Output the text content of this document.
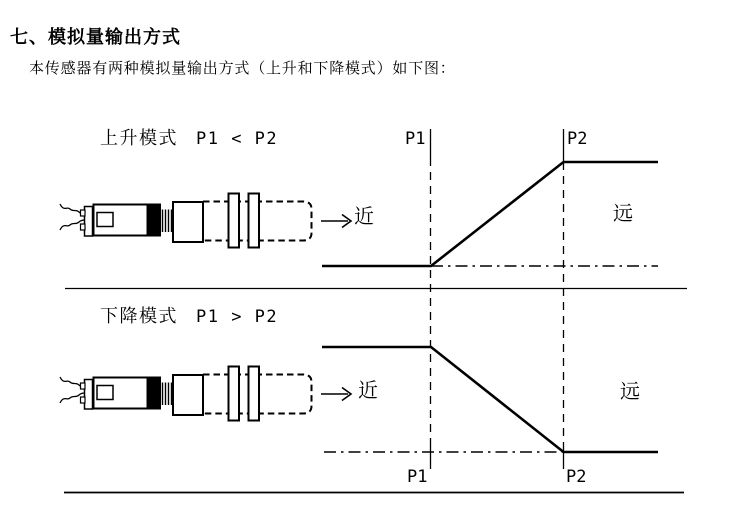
七、模拟量输出方式
本传感器有两种模拟量输出方式（上升和下降模式）如下图：
上升模式 P1 < P2	P1	P2
近	远
下降模式 P1 > P2
P1	P2
近	远
